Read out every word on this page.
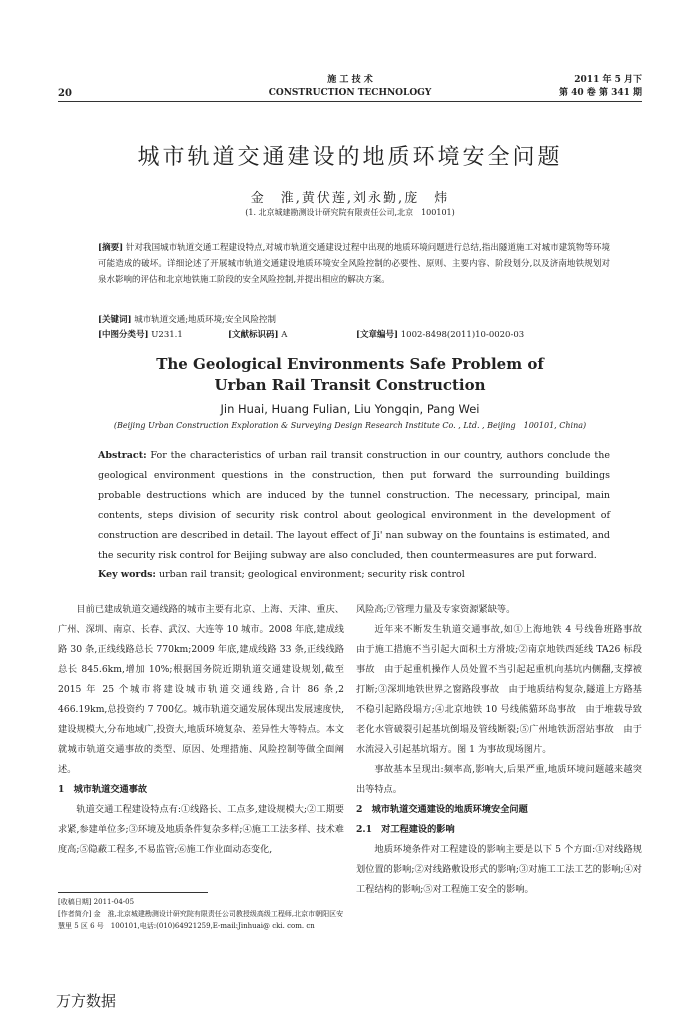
施 工 技 术
CONSTRUCTION TECHNOLOGY
20
2011 年 5 月下
第 40 卷 第 341 期
城市轨道交通建设的地质环境安全问题
金　淮,黄伏莲,刘永勤,庞　炜
(1. 北京城建勘测设计研究院有限责任公司,北京　100101)
[摘要] 针对我国城市轨道交通工程建设特点,对城市轨道交通建设过程中出现的地质环境问题进行总结,指出隧道施工对城市建筑物等环境可能造成的破坏。详细论述了开展城市轨道交通建设地质环境安全风险控制的必要性、原则、主要内容、阶段划分,以及济南地铁规划对泉水影响的评估和北京地铁施工阶段的安全风险控制,并提出相应的解决方案。
[关键词] 城市轨道交通;地质环境;安全风险控制
[中图分类号] U231.1	[文献标识码] A	[文章编号] 1002-8498(2011)10-0020-03
The Geological Environments Safe Problem of
Urban Rail Transit Construction
Jin Huai, Huang Fulian, Liu Yongqin, Pang Wei
(Beijing Urban Construction Exploration & Surveying Design Research Institute Co. , Ltd. , Beijing　100101, China)
Abstract: For the characteristics of urban rail transit construction in our country, authors conclude the geological environment questions in the construction, then put forward the surrounding buildings probable destructions which are induced by the tunnel construction. The necessary, principal, main contents, steps division of security risk control about geological environment in the development of construction are described in detail. The layout effect of Ji' nan subway on the fountains is estimated, and the security risk control for Beijing subway are also concluded, then countermeasures are put forward.
Key words: urban rail transit; geological environment; security risk control

目前已建成轨道交通线路的城市主要有北京、上海、天津、重庆、广州、深圳、南京、长春、武汉、大连等 10 城市。2008 年底,建成线路 30 条,正线线路总长 770km;2009 年底,建成线路 33 条,正线线路总长 845.6km,增加 10%;根据国务院近期轨道交通建设规划,截至 2015 年 25 个城市将建设城市轨道交通线路,合计 86 条,2 466.19km,总投资约 7 700亿。城市轨道交通发展体现出发展速度快,建设规模大,分布地域广,投资大,地质环境复杂、差异性大等特点。本文就城市轨道交通事故的类型、原因、处理措施、风险控制等做全面阐述。

1　城市轨道交通事故

轨道交通工程建设特点有:①线路长、工点多,建设规模大;②工期要求紧,参建单位多;③环境及地质条件复杂多样;④施工工法多样、技术难度高;⑤隐蔽工程多,不易监管;⑥施工作业面动态变化,

[收稿日期] 2011-04-05

[作者简介] 金　淮,北京城建勘测设计研究院有限责任公司教授级高级工程师,北京市朝阳区安慧里 5 区 6 号　100101,电话:(010)64921259,E-mail:Jinhuai@ cki. com. cn

风险高;⑦管理力量及专家资源紧缺等。

近年来不断发生轨道交通事故,如①上海地铁 4 号线鲁班路事故　由于施工措施不当引起大面积土方滑坡;②南京地铁西延线 TA26 标段事故　由于起重机操作人员处置不当引起起重机向基坑内侧翻,支撑被打断;③深圳地铁世界之窗路段事故　由于地质结构复杂,隧道上方路基不稳引起路段塌方;④北京地铁 10 号线熊猫环岛事故　由于堆载导致老化水管破裂引起基坑倒塌及管线断裂;⑤广州地铁沥滘站事故　由于水流浸入引起基坑塌方。图 1 为事故现场图片。

事故基本呈现出:频率高,影响大,后果严重,地质环境问题越来越突出等特点。

2　城市轨道交通建设的地质环境安全问题
2.1　对工程建设的影响

地质环境条件对工程建设的影响主要是以下 5 个方面:①对线路规划位置的影响;②对线路敷设形式的影响;③对施工工法工艺的影响;④对工程结构的影响;⑤对工程施工安全的影响。

万方数据
